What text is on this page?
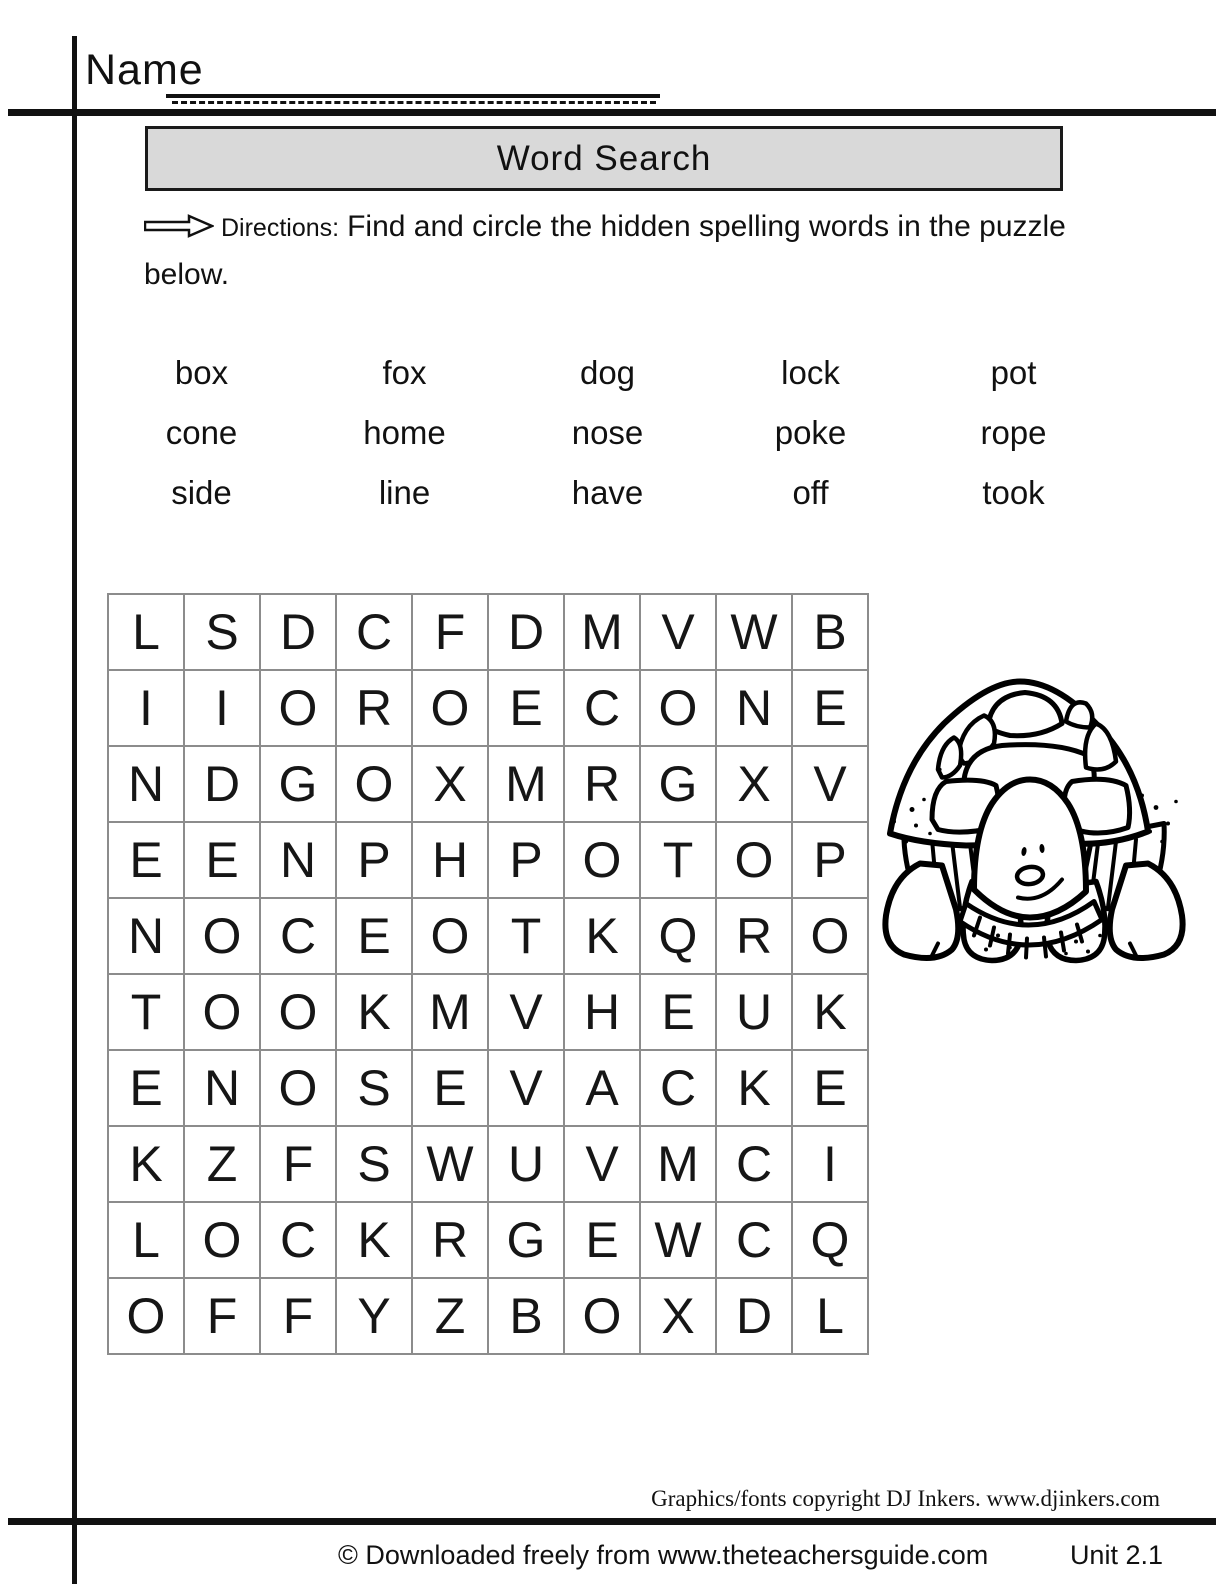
Name
Word Search
Directions: Find and circle the hidden spelling words in the puzzle
below.
box	fox	dog	lock	pot
cone	home	nose	poke	rope
side	line	have	off	took
L S D C F D M V W B
I	I O R O E C O N E
N D G O X M R G X V
E E N P H P O T O P
N O C E O T K Q R O
T O O K M V H E U K
E N O S E V A C K E
K Z F S W U V M C	I
L O C K R G E W C Q
O F F Y Z B O X D L
Graphics/fonts copyright DJ Inkers. www.djinkers.com
© Downloaded freely from www.theteachersguide.com	Unit 2.1
